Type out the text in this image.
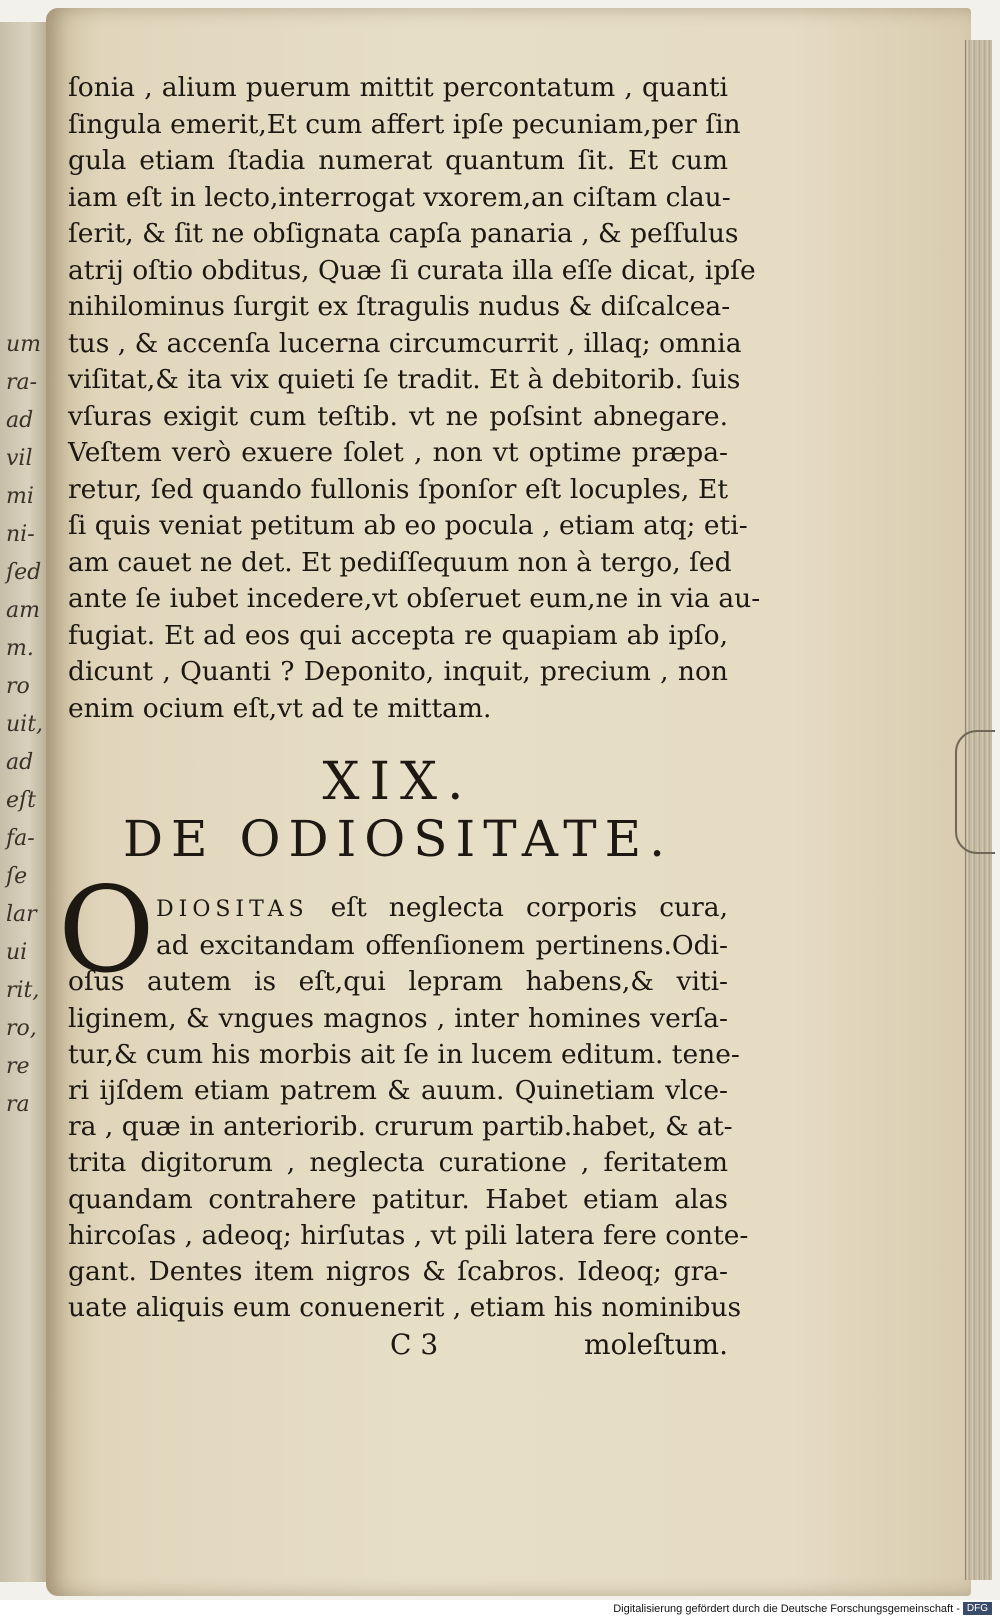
um
ra-
ad
vil
mi
ni-
ſed
am
m.
ro
uit,
ad
eſt
fa-
ſe
lar
ui
rit,
ro,
re
ra
ſonia , alium puerum mittit percontatum , quanti
ſingula emerit,Et cum affert ipſe pecuniam,per ſin
gula etiam ſtadia numerat quantum ſit. Et cum
iam eſt in lecto,interrogat vxorem,an ciſtam clau-
ſerit, & ſit ne obſignata capſa panaria , & peſſulus
atrij oſtio obditus, Quæ ſi curata illa eſſe dicat, ipſe
nihilominus ſurgit ex ſtragulis nudus & diſcalcea-
tus , & accenſa lucerna circumcurrit , illaq; omnia
viſitat,& ita vix quieti ſe tradit. Et à debitorib. ſuis
vſuras exigit cum teſtib. vt ne poſsint abnegare.
Veſtem verò exuere ſolet , non vt optime præpa-
retur, ſed quando fullonis ſponſor eſt locuples, Et
ſi quis veniat petitum ab eo pocula , etiam atq; eti-
am cauet ne det. Et pediſſequum non à tergo, ſed
ante ſe iubet incedere,vt obſeruet eum,ne in via au-
fugiat. Et ad eos qui accepta re quapiam ab ipſo,
dicunt , Quanti ? Deponito, inquit, precium , non
enim ocium eſt,vt ad te mittam.
XIX.
DE ODIOSITATE.
O DIOSITAS eſt neglecta corporis cura,
ad excitandam offenſionem pertinens.Odi-
oſus autem is eſt,qui lepram habens,& viti-
liginem, & vngues magnos , inter homines verſa-
tur,& cum his morbis ait ſe in lucem editum. tene-
ri ijſdem etiam patrem & auum. Quinetiam vlce-
ra , quæ in anteriorib. crurum partib.habet, & at-
trita digitorum , neglecta curatione , feritatem
quandam contrahere patitur. Habet etiam alas
hircoſas , adeoq; hirſutas , vt pili latera fere conte-
gant. Dentes item nigros & ſcabros. Ideoq; gra-
uate aliquis eum conuenerit , etiam his nominibus
C 3	moleſtum.
Digitalisierung gefördert durch die Deutsche Forschungsgemeinschaft - DFG
